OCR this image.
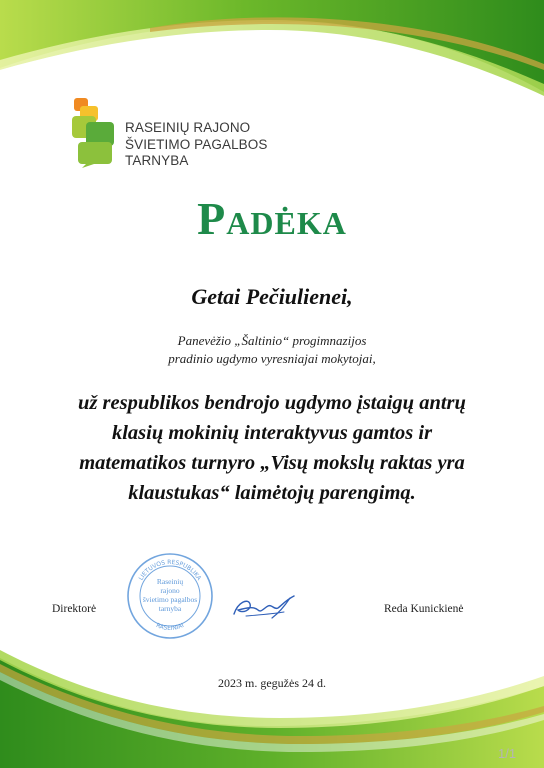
RASEINIŲ RAJONO
ŠVIETIMO PAGALBOS
TARNYBA
Padėka
Getai Pečiulienei,
Panevėžio „Šaltinio“ progimnazijos
pradinio ugdymo vyresniajai mokytojai,
už respublikos bendrojo ugdymo įstaigų antrų
klasių mokinių interaktyvus gamtos ir
matematikos turnyro „Visų mokslų raktas yra
klaustukas“ laimėtojų parengimą.
Direktorė
LIETUVOS RESPUBLIKA
RASEINIAI
Raseinių
rajono
švietimo pagalbos
tarnyba	Reda Kunickienė
2023 m. gegužės 24 d.
1/1
